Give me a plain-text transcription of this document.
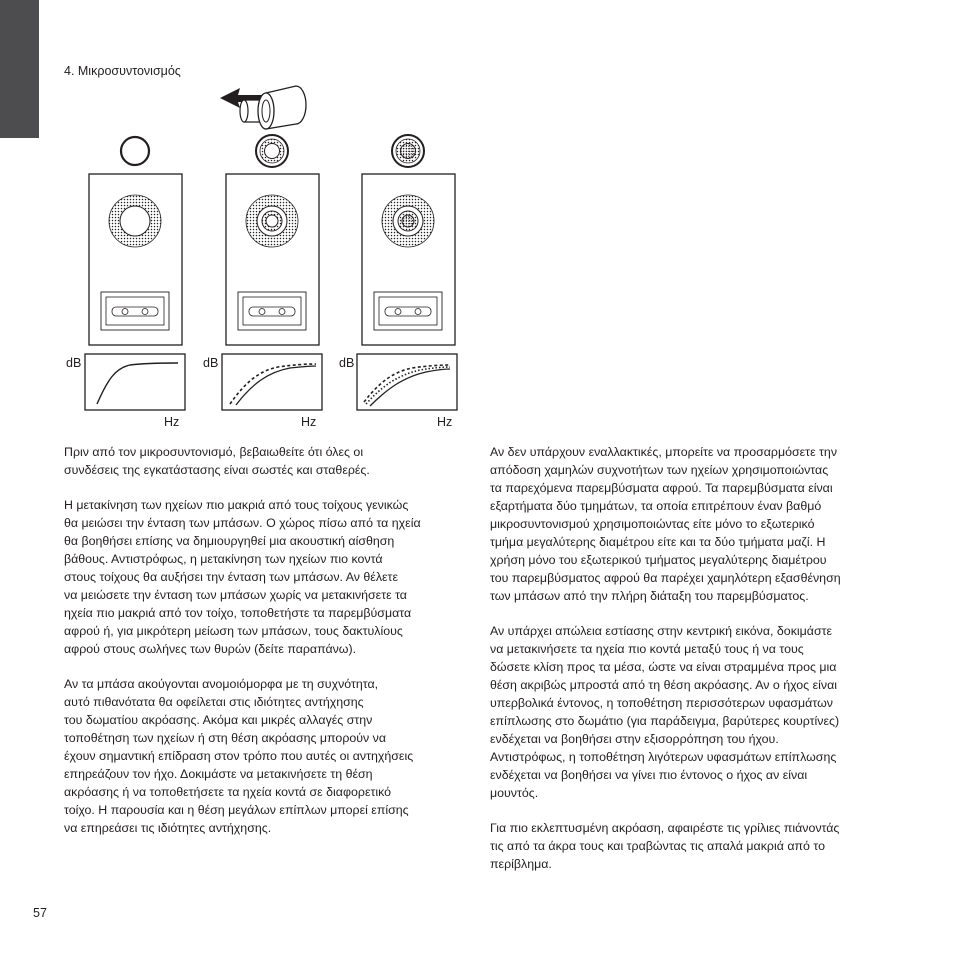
4. Μικροσυντονισμός
dB
Hz
dB
Hz
dB
Hz

Πριν από τον μικροσυντονισμό, βεβαιωθείτε ότι όλες οι
συνδέσεις της εγκατάστασης είναι σωστές και σταθερές.

Η μετακίνηση των ηχείων πιο μακριά από τους τοίχους γενικώς
θα μειώσει την ένταση των μπάσων. Ο χώρος πίσω από τα ηχεία
θα βοηθήσει επίσης να δημιουργηθεί μια ακουστική αίσθηση
βάθους. Αντιστρόφως, η μετακίνηση των ηχείων πιο κοντά
στους τοίχους θα αυξήσει την ένταση των μπάσων. Αν θέλετε
να μειώσετε την ένταση των μπάσων χωρίς να μετακινήσετε τα
ηχεία πιο μακριά από τον τοίχο, τοποθετήστε τα παρεμβύσματα
αφρού ή, για μικρότερη μείωση των μπάσων, τους δακτυλίους
αφρού στους σωλήνες των θυρών (δείτε παραπάνω).

Αν τα μπάσα ακούγονται ανομοιόμορφα με τη συχνότητα,
αυτό πιθανότατα θα οφείλεται στις ιδιότητες αντήχησης
του δωματίου ακρόασης. Ακόμα και μικρές αλλαγές στην
τοποθέτηση των ηχείων ή στη θέση ακρόασης μπορούν να
έχουν σημαντική επίδραση στον τρόπο που αυτές οι αντηχήσεις
επηρεάζουν τον ήχο. Δοκιμάστε να μετακινήσετε τη θέση
ακρόασης ή να τοποθετήσετε τα ηχεία κοντά σε διαφορετικό
τοίχο. Η παρουσία και η θέση μεγάλων επίπλων μπορεί επίσης
να επηρεάσει τις ιδιότητες αντήχησης.

Αν δεν υπάρχουν εναλλακτικές, μπορείτε να προσαρμόσετε την
απόδοση χαμηλών συχνοτήτων των ηχείων χρησιμοποιώντας
τα παρεχόμενα παρεμβύσματα αφρού. Τα παρεμβύσματα είναι
εξαρτήματα δύο τμημάτων, τα οποία επιτρέπουν έναν βαθμό
μικροσυντονισμού χρησιμοποιώντας είτε μόνο το εξωτερικό
τμήμα μεγαλύτερης διαμέτρου είτε και τα δύο τμήματα μαζί. Η
χρήση μόνο του εξωτερικού τμήματος μεγαλύτερης διαμέτρου
του παρεμβύσματος αφρού θα παρέχει χαμηλότερη εξασθένηση
των μπάσων από την πλήρη διάταξη του παρεμβύσματος.

Αν υπάρχει απώλεια εστίασης στην κεντρική εικόνα, δοκιμάστε
να μετακινήσετε τα ηχεία πιο κοντά μεταξύ τους ή να τους
δώσετε κλίση προς τα μέσα, ώστε να είναι στραμμένα προς μια
θέση ακριβώς μπροστά από τη θέση ακρόασης. Αν ο ήχος είναι
υπερβολικά έντονος, η τοποθέτηση περισσότερων υφασμάτων
επίπλωσης στο δωμάτιο (για παράδειγμα, βαρύτερες κουρτίνες)
ενδέχεται να βοηθήσει στην εξισορρόπηση του ήχου.
Αντιστρόφως, η τοποθέτηση λιγότερων υφασμάτων επίπλωσης
ενδέχεται να βοηθήσει να γίνει πιο έντονος ο ήχος αν είναι
μουντός.

Για πιο εκλεπτυσμένη ακρόαση, αφαιρέστε τις γρίλιες πιάνοντάς
τις από τα άκρα τους και τραβώντας τις απαλά μακριά από το
περίβλημα.

57
